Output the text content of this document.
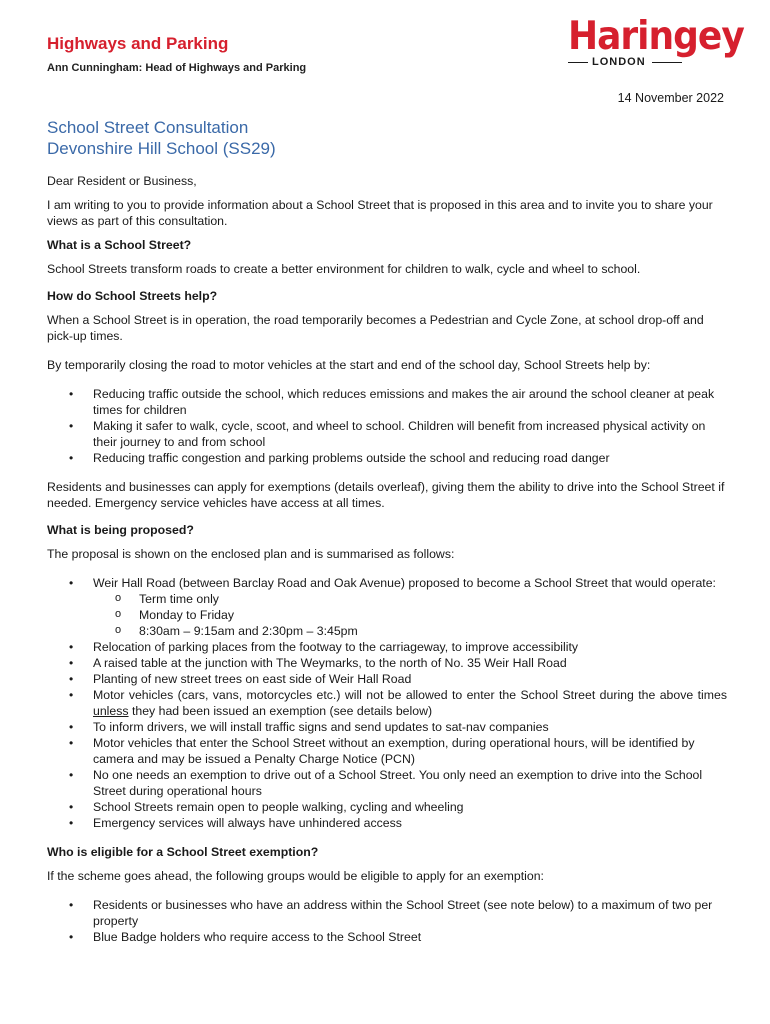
Highways and Parking
Ann Cunningham: Head of Highways and Parking
Haringey
LONDON
14 November 2022
School Street Consultation
Devonshire Hill School (SS29)

Dear Resident or Business,

I am writing to you to provide information about a School Street that is proposed in this area and to invite you to share your views as part of this consultation.

What is a School Street?

School Streets transform roads to create a better environment for children to walk, cycle and wheel to school.

How do School Streets help?

When a School Street is in operation, the road temporarily becomes a Pedestrian and Cycle Zone, at school drop-off and pick-up times.

By temporarily closing the road to motor vehicles at the start and end of the school day, School Streets help by:

• Reducing traffic outside the school, which reduces emissions and makes the air around the school cleaner at peak times for children
• Making it safer to walk, cycle, scoot, and wheel to school. Children will benefit from increased physical activity on their journey to and from school
• Reducing traffic congestion and parking problems outside the school and reducing road danger

Residents and businesses can apply for exemptions (details overleaf), giving them the ability to drive into the School Street if needed. Emergency service vehicles have access at all times.

What is being proposed?

The proposal is shown on the enclosed plan and is summarised as follows:

• Weir Hall Road (between Barclay Road and Oak Avenue) proposed to become a School Street that would operate:
o Term time only
o Monday to Friday
o 8:30am – 9:15am and 2:30pm – 3:45pm
• Relocation of parking places from the footway to the carriageway, to improve accessibility
• A raised table at the junction with The Weymarks, to the north of No. 35 Weir Hall Road
• Planting of new street trees on east side of Weir Hall Road
• Motor vehicles (cars, vans, motorcycles etc.) will not be allowed to enter the School Street during the above times unless they had been issued an exemption (see details below)
• To inform drivers, we will install traffic signs and send updates to sat-nav companies
• Motor vehicles that enter the School Street without an exemption, during operational hours, will be identified by camera and may be issued a Penalty Charge Notice (PCN)
• No one needs an exemption to drive out of a School Street. You only need an exemption to drive into the School Street during operational hours
• School Streets remain open to people walking, cycling and wheeling
• Emergency services will always have unhindered access
Who is eligible for a School Street exemption?

If the scheme goes ahead, the following groups would be eligible to apply for an exemption:

• Residents or businesses who have an address within the School Street (see note below) to a maximum of two per property
• Blue Badge holders who require access to the School Street
